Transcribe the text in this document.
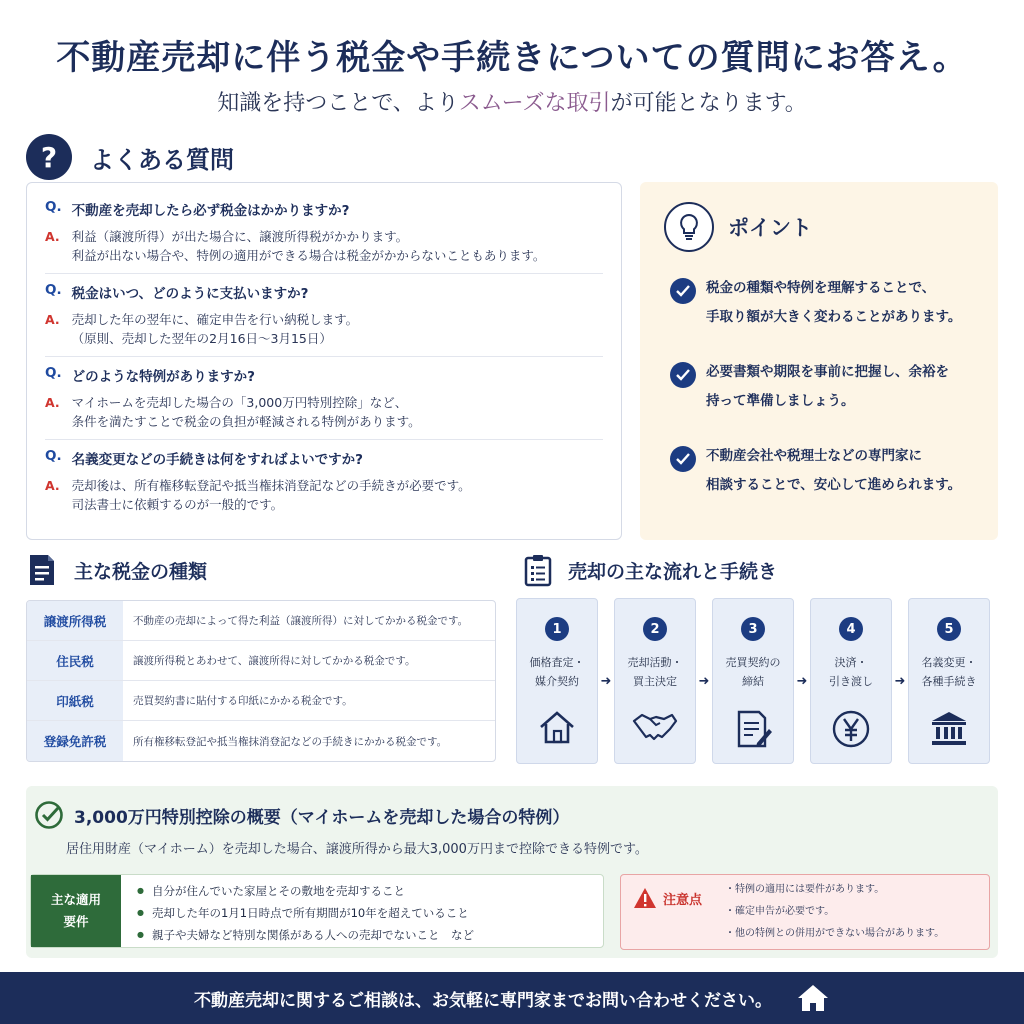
不動産売却に伴う税金や手続きについての質問にお答え。

知識を持つことで、よりスムーズな取引が可能となります。

?	よくある質問
Q. 不動産を売却したら必ず税金はかかりますか?
A. 利益（譲渡所得）が出た場合に、譲渡所得税がかかります。
利益が出ない場合や、特例の適用ができる場合は税金がかからないこともあります。
Q. 税金はいつ、どのように支払いますか?
A. 売却した年の翌年に、確定申告を行い納税します。
（原則、売却した翌年の2月16日〜3月15日）
Q. どのような特例がありますか?
A. マイホームを売却した場合の「3,000万円特別控除」など、
条件を満たすことで税金の負担が軽減される特例があります。
Q. 名義変更などの手続きは何をすればよいですか?
A. 売却後は、所有権移転登記や抵当権抹消登記などの手続きが必要です。
司法書士に依頼するのが一般的です。
ポイント
税金の種類や特例を理解することで、
手取り額が大きく変わることがあります。
必要書類や期限を事前に把握し、余裕を
持って準備しましょう。
不動産会社や税理士などの専門家に
相談することで、安心して進められます。
主な税金の種類
譲渡所得税	不動産の売却によって得た利益（譲渡所得）に対してかかる税金です。
住民税	譲渡所得税とあわせて、譲渡所得に対してかかる税金です。
印紙税	売買契約書に貼付する印紙にかかる税金です。
登録免許税	所有権移転登記や抵当権抹消登記などの手続きにかかる税金です。
売却の主な流れと手続き
1
価格査定・
媒介契約	➜
2
売却活動・
買主決定	➜
3
売買契約の
締結	➜
4
決済・
引き渡し ➜
5
名義変更・
各種手続き
3,000万円特別控除の概要（マイホームを売却した場合の特例）

居住用財産（マイホーム）を売却した場合、譲渡所得から最大3,000万円まで控除できる特例です。

主な適用
要件
● 自分が住んでいた家屋とその敷地を売却すること
● 売却した年の1月1日時点で所有期間が10年を超えていること
● 親子や夫婦など特別な関係がある人への売却でないこと　など
注意点
・ 特例の適用には要件があります。
・ 確定申告が必要です。
・ 他の特例との併用ができない場合があります。
不動産売却に関するご相談は、お気軽に専門家までお問い合わせください。
